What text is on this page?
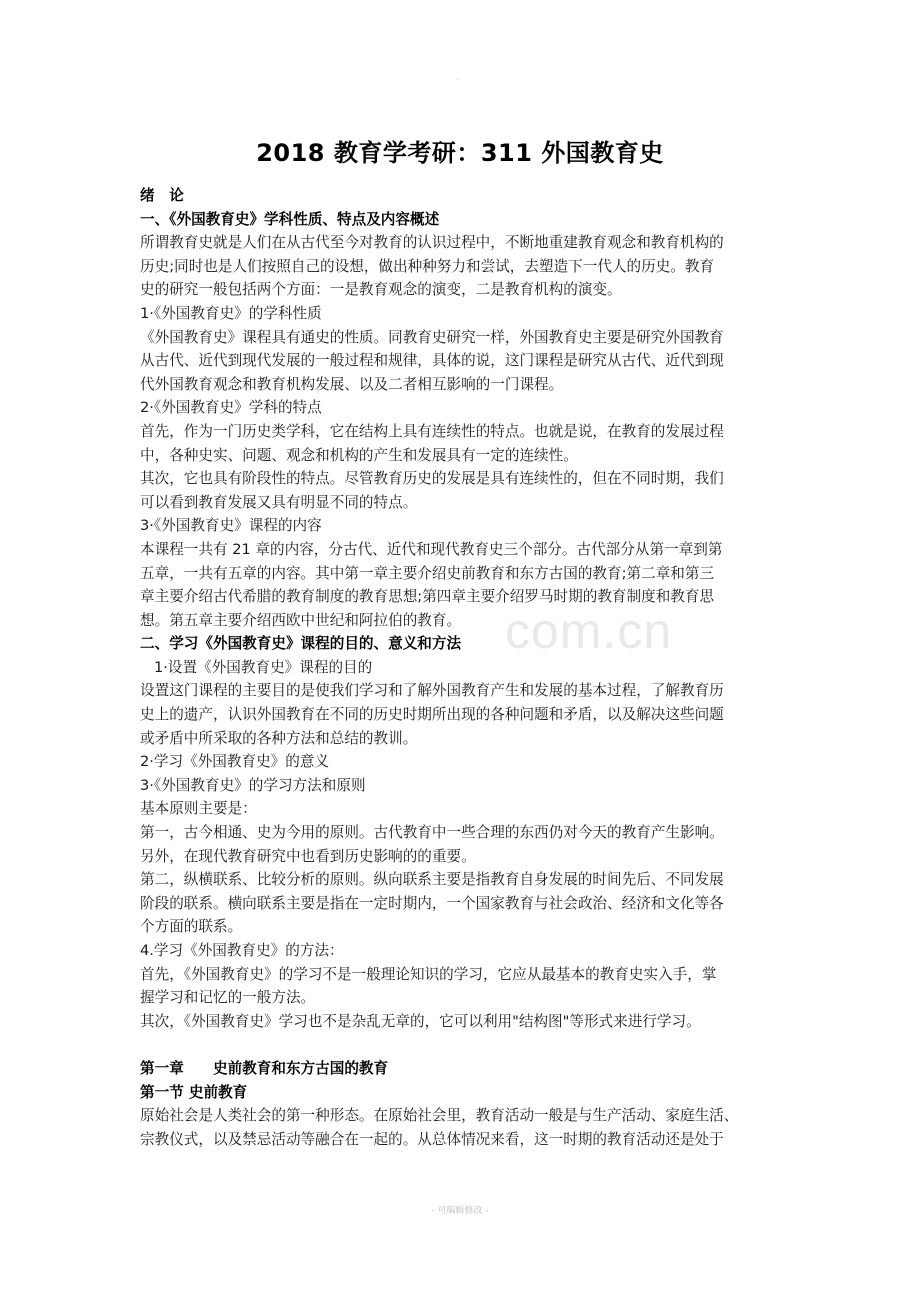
.
2018 教育学考研：311 外国教育史
com.cn
绪　论
一、《外国教育史》学科性质、特点及内容概述
所谓教育史就是人们在从古代至今对教育的认识过程中，不断地重建教育观念和教育机构的
历史;同时也是人们按照自己的设想，做出种种努力和尝试，去塑造下一代人的历史。教育
史的研究一般包括两个方面：一是教育观念的演变，二是教育机构的演变。
1·《外国教育史》的学科性质
《外国教育史》课程具有通史的性质。同教育史研究一样，外国教育史主要是研究外国教育
从古代、近代到现代发展的一般过程和规律，具体的说，这门课程是研究从古代、近代到现
代外国教育观念和教育机构发展、以及二者相互影响的一门课程。
2·《外国教育史》学科的特点
首先，作为一门历史类学科，它在结构上具有连续性的特点。也就是说，在教育的发展过程
中，各种史实、问题、观念和机构的产生和发展具有一定的连续性。
其次，它也具有阶段性的特点。尽管教育历史的发展是具有连续性的，但在不同时期，我们
可以看到教育发展又具有明显不同的特点。
3·《外国教育史》课程的内容
本课程一共有 21 章的内容，分古代、近代和现代教育史三个部分。古代部分从第一章到第
五章，一共有五章的内容。其中第一章主要介绍史前教育和东方古国的教育;第二章和第三
章主要介绍古代希腊的教育制度的教育思想;第四章主要介绍罗马时期的教育制度和教育思
想。第五章主要介绍西欧中世纪和阿拉伯的教育。
二、学习《外国教育史》课程的目的、意义和方法
1·设置《外国教育史》课程的目的
设置这门课程的主要目的是使我们学习和了解外国教育产生和发展的基本过程，了解教育历
史上的遗产，认识外国教育在不同的历史时期所出现的各种问题和矛盾，以及解决这些问题
或矛盾中所采取的各种方法和总结的教训。
2·学习《外国教育史》的意义
3·《外国教育史》的学习方法和原则
基本原则主要是：
第一，古今相通、史为今用的原则。古代教育中一些合理的东西仍对今天的教育产生影响。
另外，在现代教育研究中也看到历史影响的的重要。
第二，纵横联系、比较分析的原则。纵向联系主要是指教育自身发展的时间先后、不同发展
阶段的联系。横向联系主要是指在一定时期内，一个国家教育与社会政治、经济和文化等各
个方面的联系。
4.学习《外国教育史》的方法：
首先，《外国教育史》的学习不是一般理论知识的学习，它应从最基本的教育史实入手，掌
握学习和记忆的一般方法。
其次，《外国教育史》学习也不是杂乱无章的，它可以利用"结构图"等形式来进行学习。
第一章　　史前教育和东方古国的教育
第一节 史前教育
原始社会是人类社会的第一种形态。在原始社会里，教育活动一般是与生产活动、家庭生活、
宗教仪式，以及禁忌活动等融合在一起的。从总体情况来看，这一时期的教育活动还是处于
- 可编辑修改 -
